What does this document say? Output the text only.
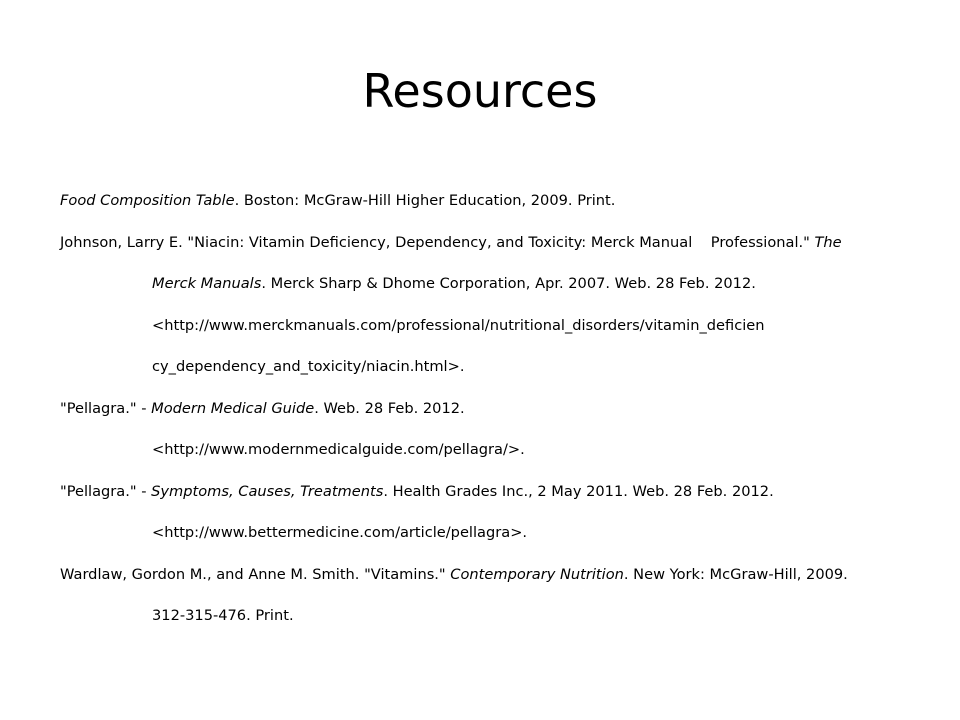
Resources
Food Composition Table. Boston: McGraw-Hill Higher Education, 2009. Print.
Johnson, Larry E. "Niacin: Vitamin Deficiency, Dependency, and Toxicity: Merck Manual    Professional." The
Merck Manuals. Merck Sharp & Dhome Corporation, Apr. 2007. Web. 28 Feb. 2012.
<http://www.merckmanuals.com/professional/nutritional_disorders/vitamin_deficien
cy_dependency_and_toxicity/niacin.html>.
"Pellagra." - Modern Medical Guide. Web. 28 Feb. 2012.
<http://www.modernmedicalguide.com/pellagra/>.
"Pellagra." - Symptoms, Causes, Treatments. Health Grades Inc., 2 May 2011. Web. 28 Feb. 2012.
<http://www.bettermedicine.com/article/pellagra>.
Wardlaw, Gordon M., and Anne M. Smith. "Vitamins." Contemporary Nutrition. New York: McGraw-Hill, 2009.
312-315-476. Print.
